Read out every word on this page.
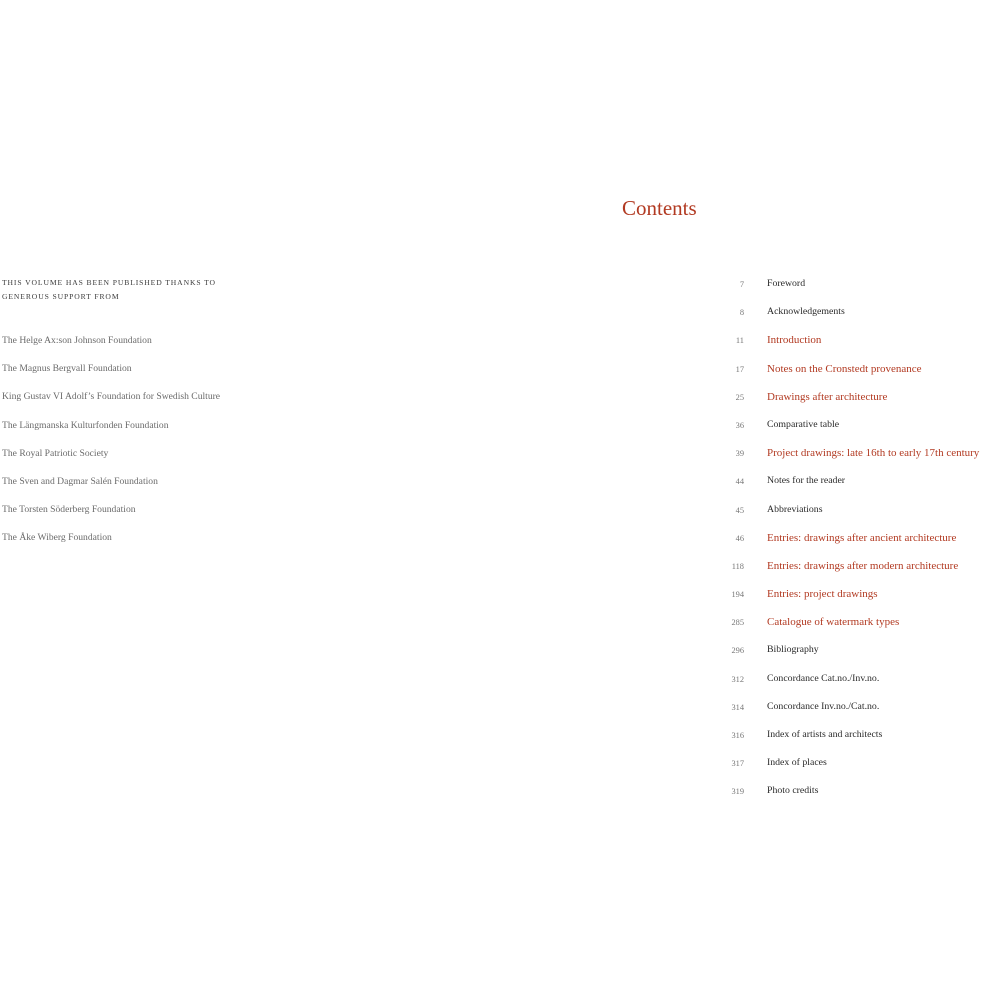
THIS VOLUME HAS BEEN PUBLISHED THANKS TO
GENEROUS SUPPORT FROM
The Helge Ax:son Johnson Foundation
The Magnus Bergvall Foundation
King Gustav VI Adolf’s Foundation for Swedish Culture
The Längmanska Kulturfonden Foundation
The Royal Patriotic Society
The Sven and Dagmar Salén Foundation
The Torsten Söderberg Foundation
The Åke Wiberg Foundation
Contents
7 Foreword
8 Acknowledgements
11 Introduction
17 Notes on the Cronstedt provenance
25 Drawings after architecture
36 Comparative table
39 Project drawings: late 16th to early 17th century
44 Notes for the reader
45 Abbreviations
46 Entries: drawings after ancient architecture
118 Entries: drawings after modern architecture
194 Entries: project drawings
285 Catalogue of watermark types
296 Bibliography
312 Concordance Cat.no./Inv.no.
314 Concordance Inv.no./Cat.no.
316 Index of artists and architects
317 Index of places
319 Photo credits
